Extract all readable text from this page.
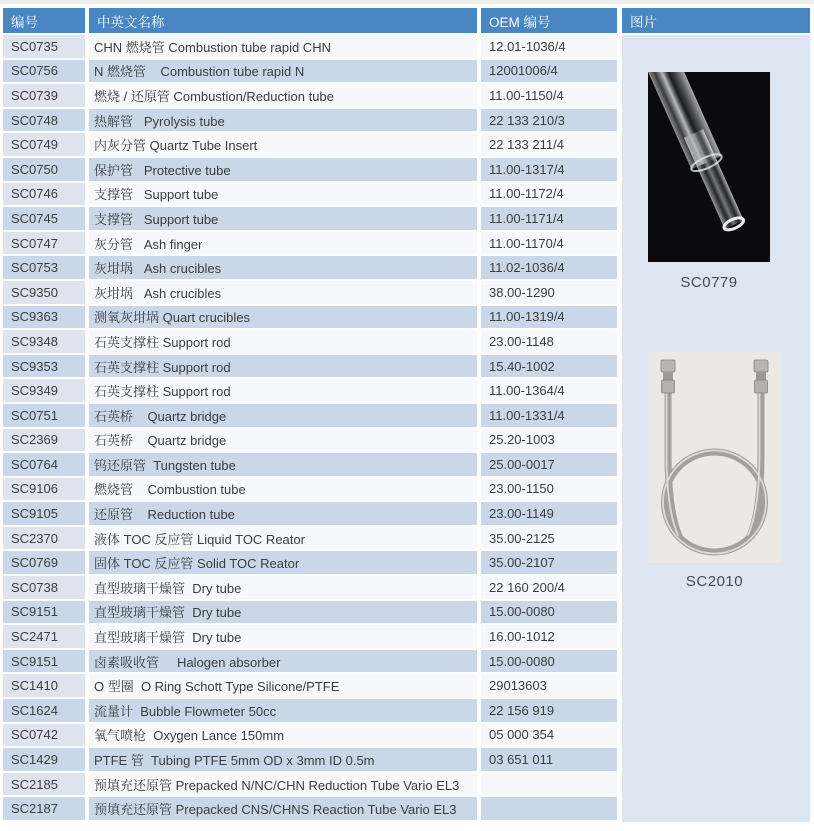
编号	中英文名称	OEM 编号
SC0735	CHN 燃烧管 Combustion tube rapid CHN	12.01-1036/4
SC0756	N 燃烧管    Combustion tube rapid N	12001006/4
SC0739	燃烧 / 还原管 Combustion/Reduction tube	11.00-1150/4
SC0748	热解管   Pyrolysis tube	22 133 210/3
SC0749	内灰分管 Quartz Tube Insert	22 133 211/4
SC0750	保护管   Protective tube	11.00-1317/4
SC0746	支撑管   Support tube	11.00-1172/4
SC0745	支撑管   Support tube	11.00-1171/4
SC0747	灰分管   Ash finger	11.00-1170/4
SC0753	灰坩埚   Ash crucibles	11.02-1036/4
SC9350	灰坩埚   Ash crucibles	38.00-1290
SC9363	测氧灰坩埚 Quart crucibles	11.00-1319/4
SC9348	石英支撑柱 Support rod	23.00-1148
SC9353	石英支撑柱 Support rod	15.40-1002
SC9349	石英支撑柱 Support rod	11.00-1364/4
SC0751	石英桥    Quartz bridge	11.00-1331/4
SC2369	石英桥    Quartz bridge	25.20-1003
SC0764	钨还原管  Tungsten tube	25.00-0017
SC9106	燃烧管    Combustion tube	23.00-1150
SC9105	还原管    Reduction tube	23.00-1149
SC2370	液体 TOC 反应管 Liquid TOC Reator	35.00-2125
SC0769	固体 TOC 反应管 Solid TOC Reator	35.00-2107
SC0738	直型玻璃干燥管  Dry tube	22 160 200/4
SC9151	直型玻璃干燥管  Dry tube	15.00-0080
SC2471	直型玻璃干燥管  Dry tube	16.00-1012
SC9151	卤素吸收管     Halogen absorber	15.00-0080
SC1410	O 型圈  O Ring Schott Type Silicone/PTFE	29013603
SC1624	流量计  Bubble Flowmeter 50cc	22 156 919
SC0742	氧气喷枪  Oxygen Lance 150mm	05 000 354
SC1429	PTFE 管  Tubing PTFE 5mm OD x 3mm ID 0.5m	03 651 011
SC2185	预填充还原管 Prepacked N/NC/CHN Reduction Tube Vario EL3
SC2187	预填充还原管 Prepacked CNS/CHNS Reaction Tube Vario EL3
图片
SC0779
SC2010
